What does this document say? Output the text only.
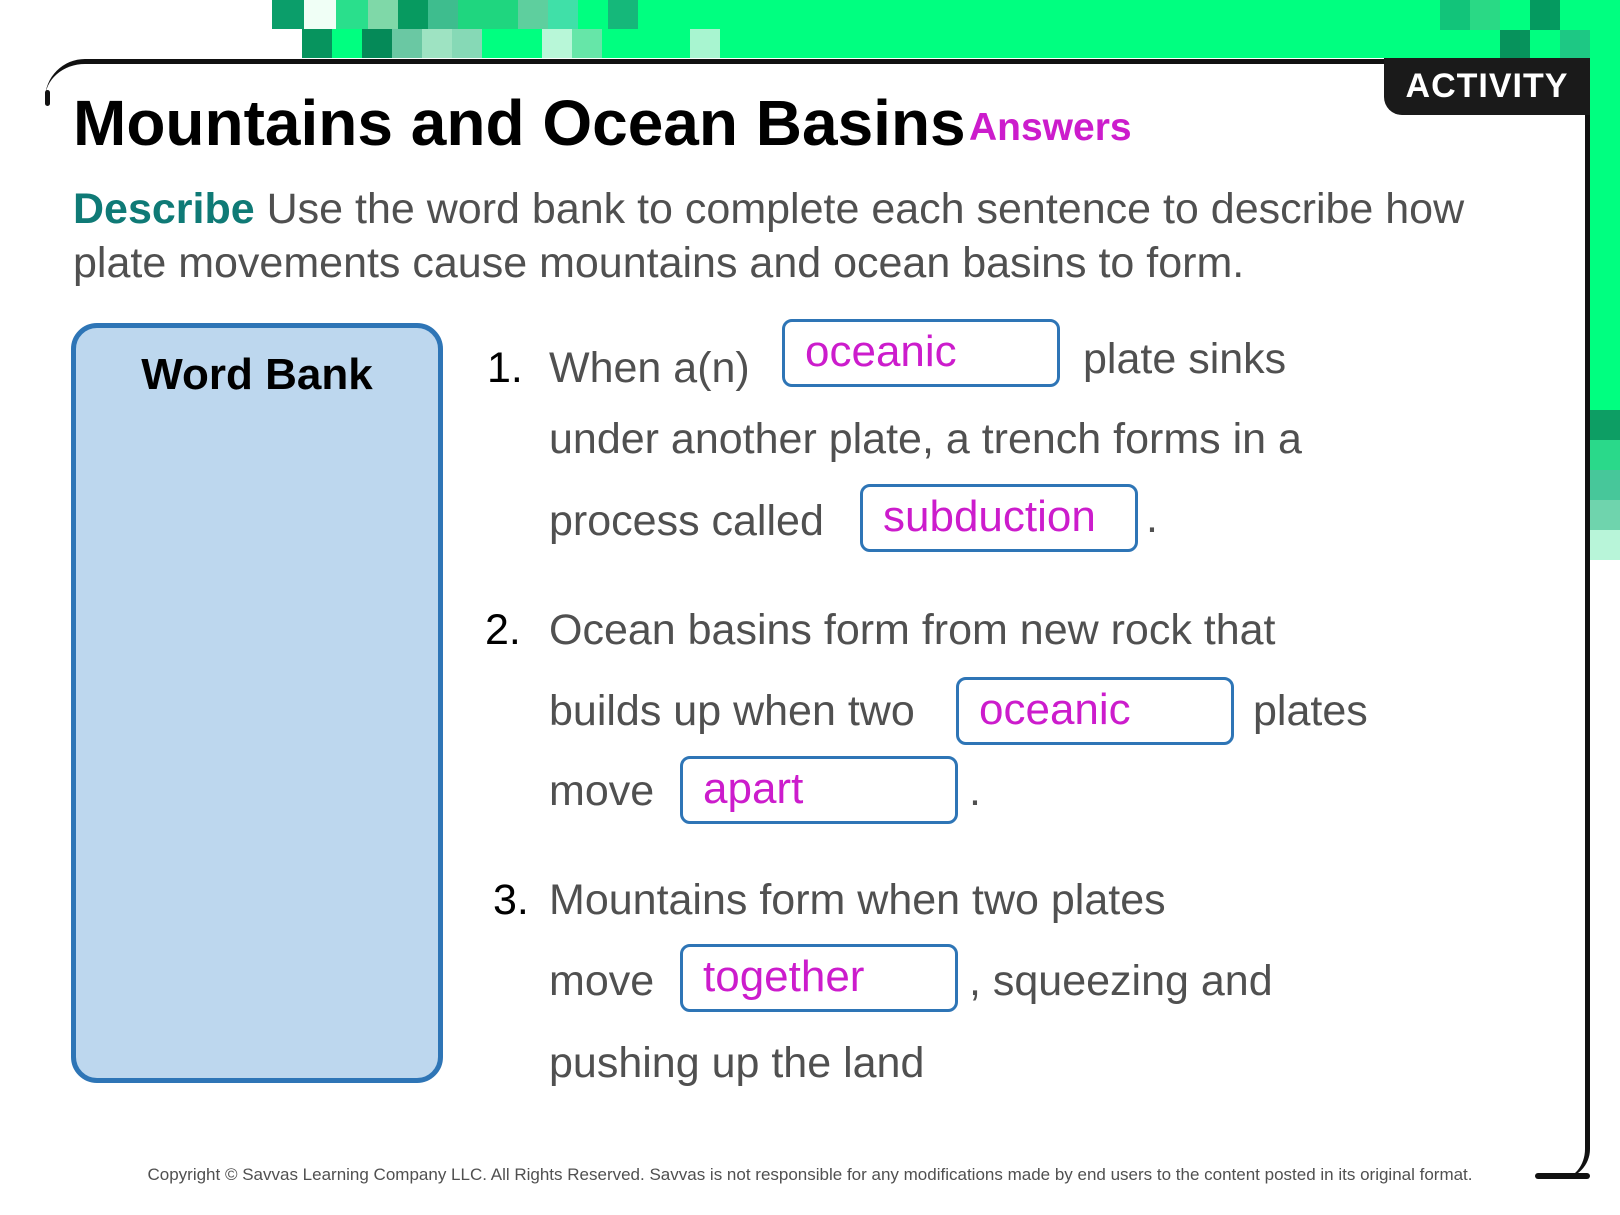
ACTIVITY
Mountains and Ocean Basins Answers
Describe Use the word bank to complete each sentence to describe how plate movements cause mountains and ocean basins to form.
Word Bank	1. When a(n)	oceanic	plate sinks
under another plate, a trench forms in a
process called	subduction	.
2. Ocean basins form from new rock that
builds up when two	oceanic	plates
move	apart	.
3. Mountains form when two plates
move	together	, squeezing and
pushing up the land
Copyright © Savvas Learning Company LLC. All Rights Reserved. Savvas is not responsible for any modifications made by end users to the content posted in its original format.
